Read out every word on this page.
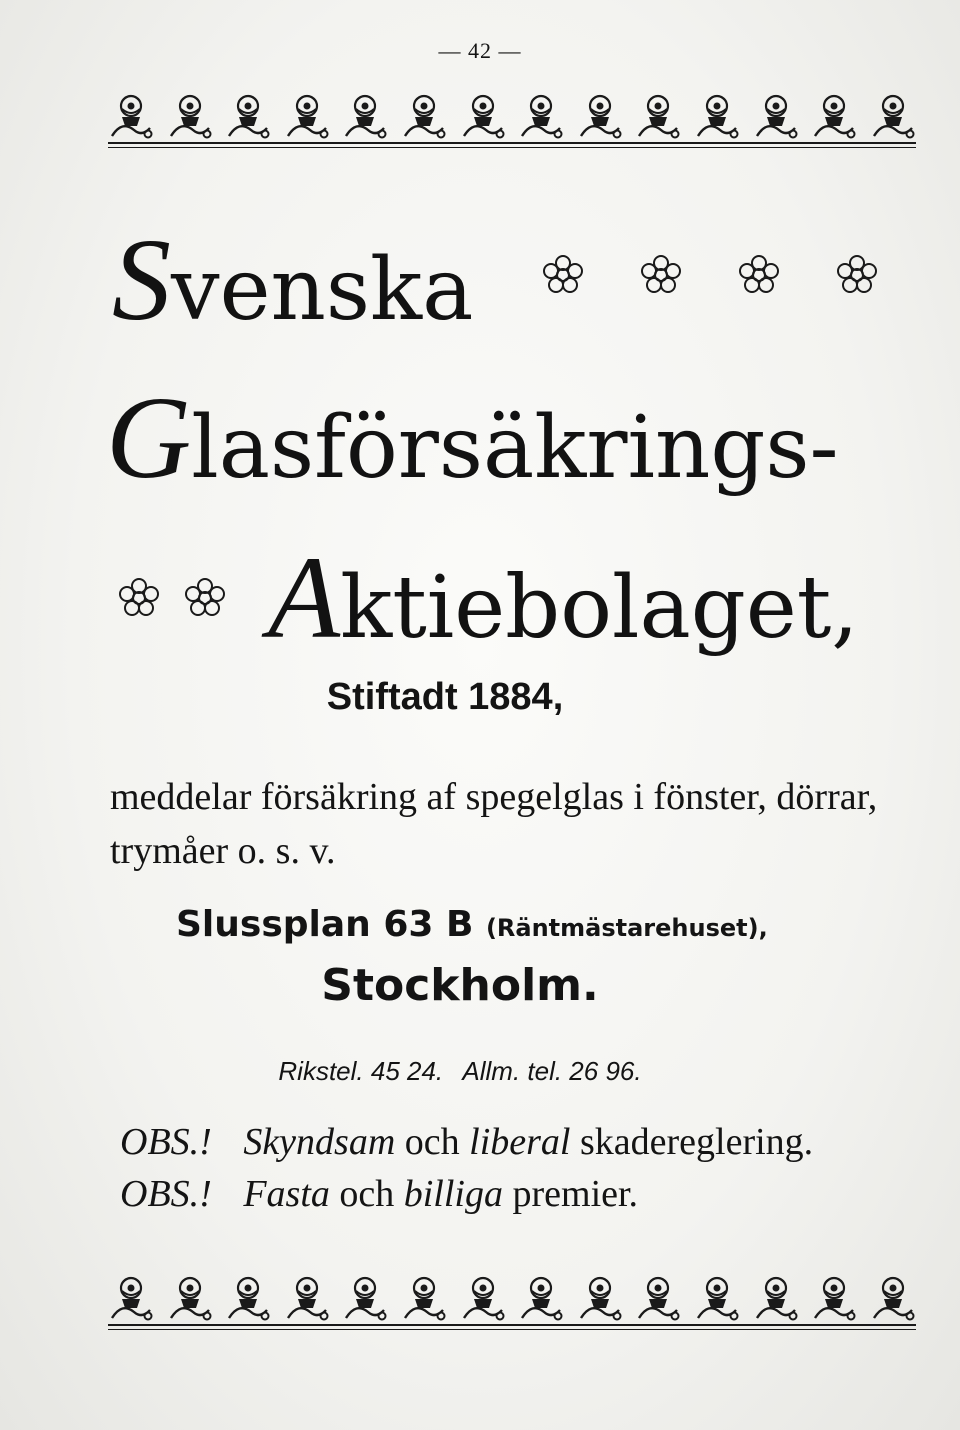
— 42 —
Svenska
Glasförsäkrings-
A ktiebolaget,
Stiftadt 1884,
meddelar försäkring af spegelglas i fönster, dörrar, trymåer o. s. v.
Slussplan 63 B (Räntmästarehuset),
Stockholm.
Rikstel. 45 24. Allm. tel. 26 96.
OBS.! Skyndsam och liberal skadereglering.
OBS.! Fasta och billiga premier.
